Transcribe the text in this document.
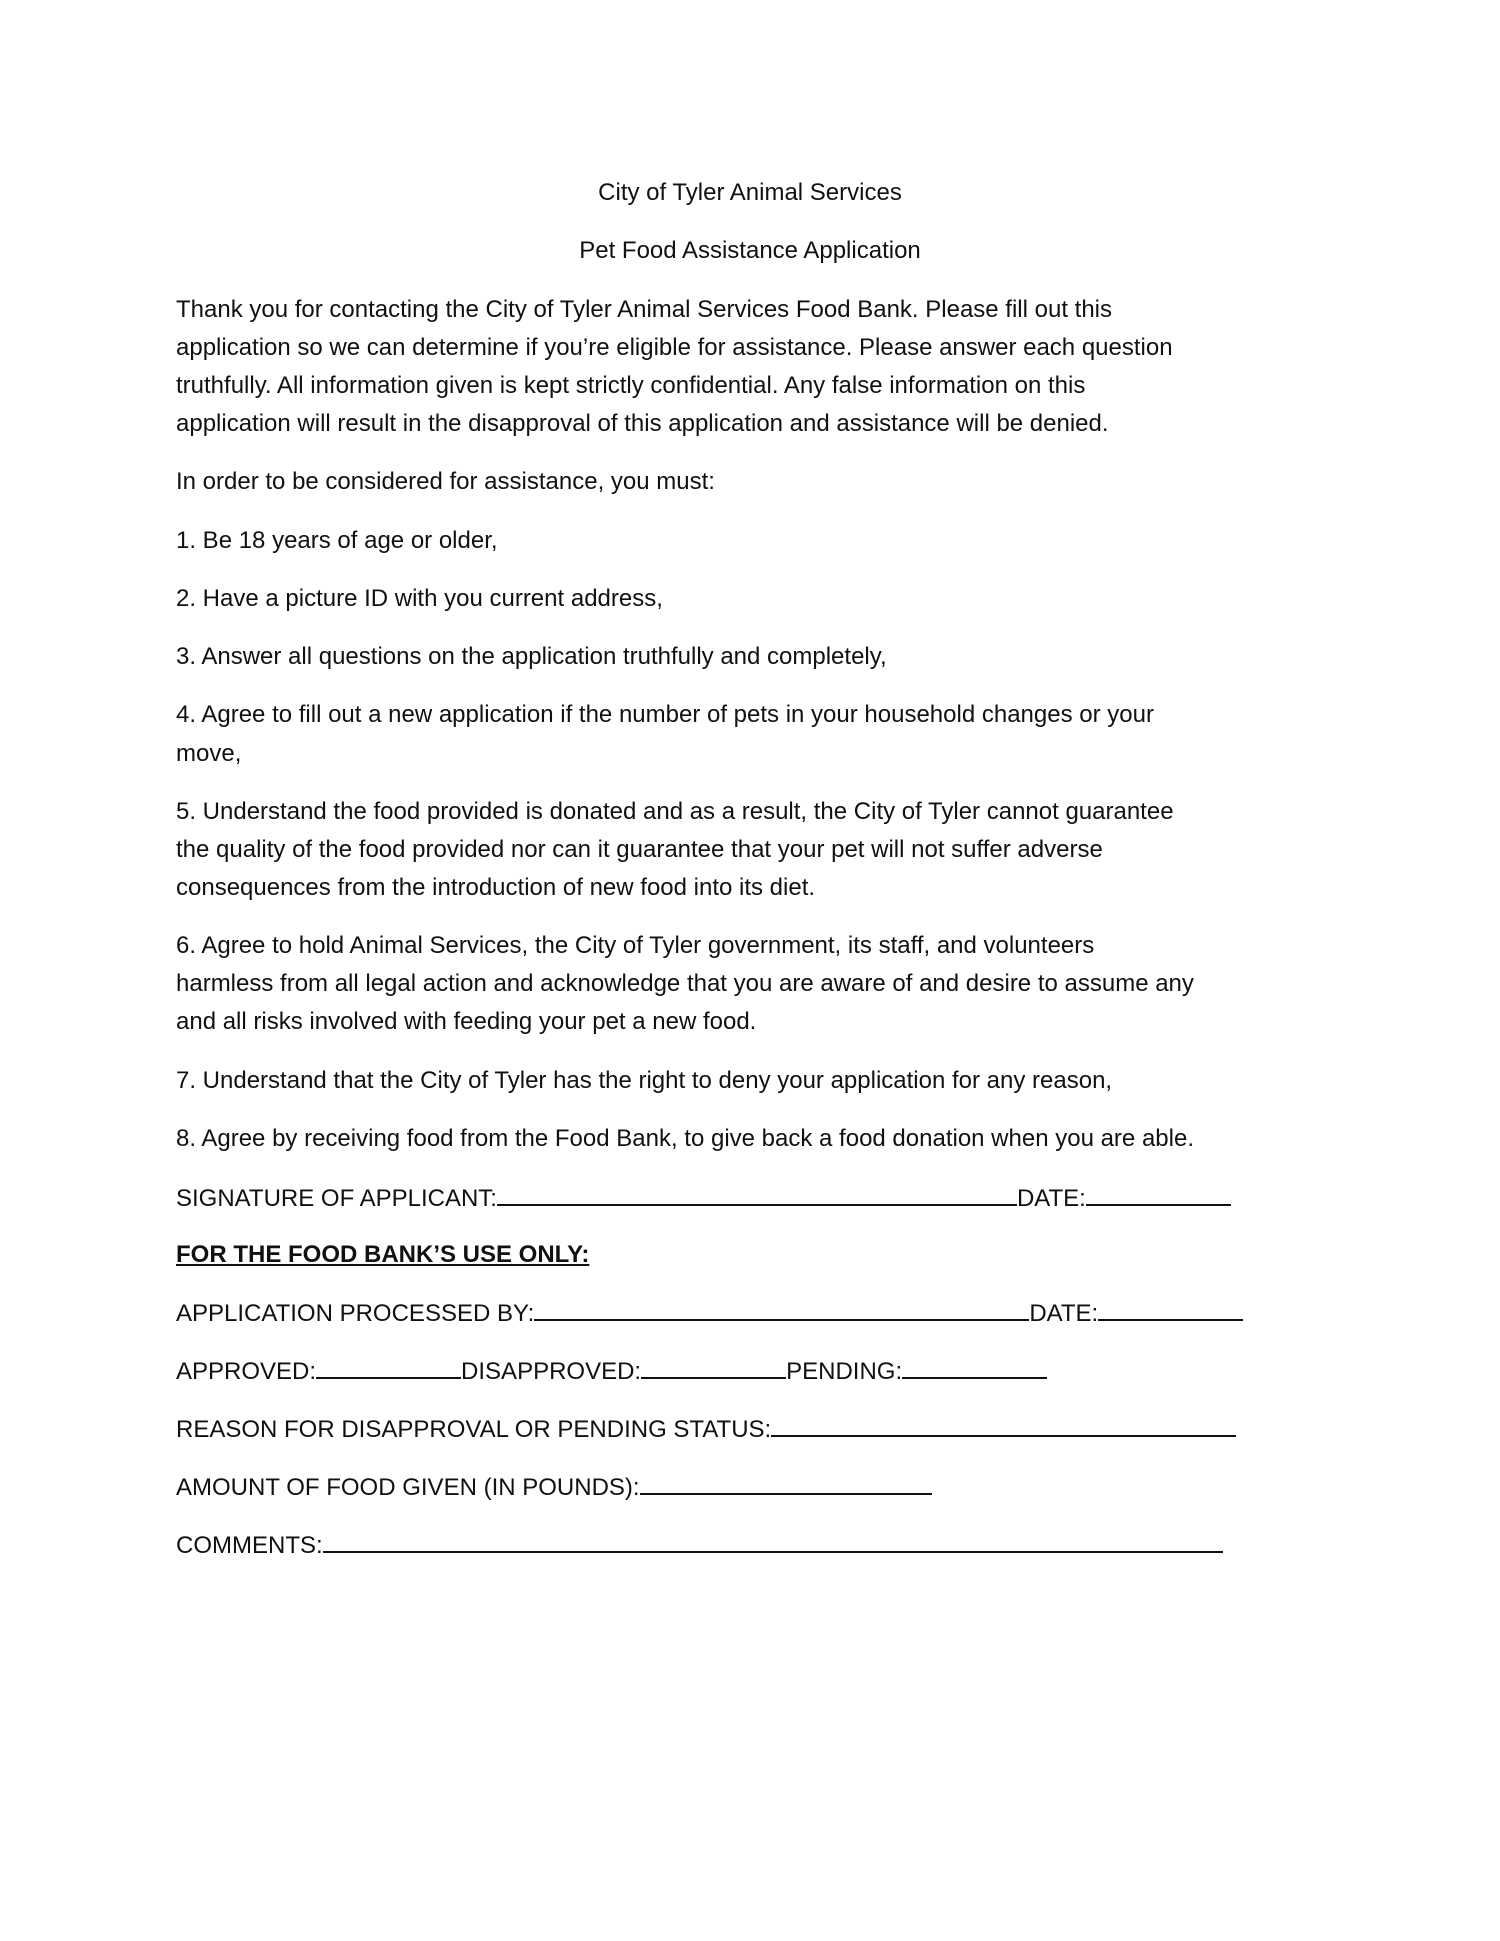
City of Tyler Animal Services
Pet Food Assistance Application
Thank you for contacting the City of Tyler Animal Services Food Bank. Please fill out this
application so we can determine if you’re eligible for assistance. Please answer each question
truthfully. All information given is kept strictly confidential. Any false information on this
application will result in the disapproval of this application and assistance will be denied.
In order to be considered for assistance, you must:
1. Be 18 years of age or older,
2. Have a picture ID with you current address,
3. Answer all questions on the application truthfully and completely,
4. Agree to fill out a new application if the number of pets in your household changes or your
move,
5. Understand the food provided is donated and as a result, the City of Tyler cannot guarantee
the quality of the food provided nor can it guarantee that your pet will not suffer adverse
consequences from the introduction of new food into its diet.
6. Agree to hold Animal Services, the City of Tyler government, its staff, and volunteers
harmless from all legal action and acknowledge that you are aware of and desire to assume any
and all risks involved with feeding your pet a new food.
7. Understand that the City of Tyler has the right to deny your application for any reason,
8. Agree by receiving food from the Food Bank, to give back a food donation when you are able.
SIGNATURE OF APPLICANT:	DATE:
FOR THE FOOD BANK’S USE ONLY:
APPLICATION PROCESSED BY:	DATE:
APPROVED:	DISAPPROVED:	PENDING:
REASON FOR DISAPPROVAL OR PENDING STATUS:
AMOUNT OF FOOD GIVEN (IN POUNDS):
COMMENTS:
